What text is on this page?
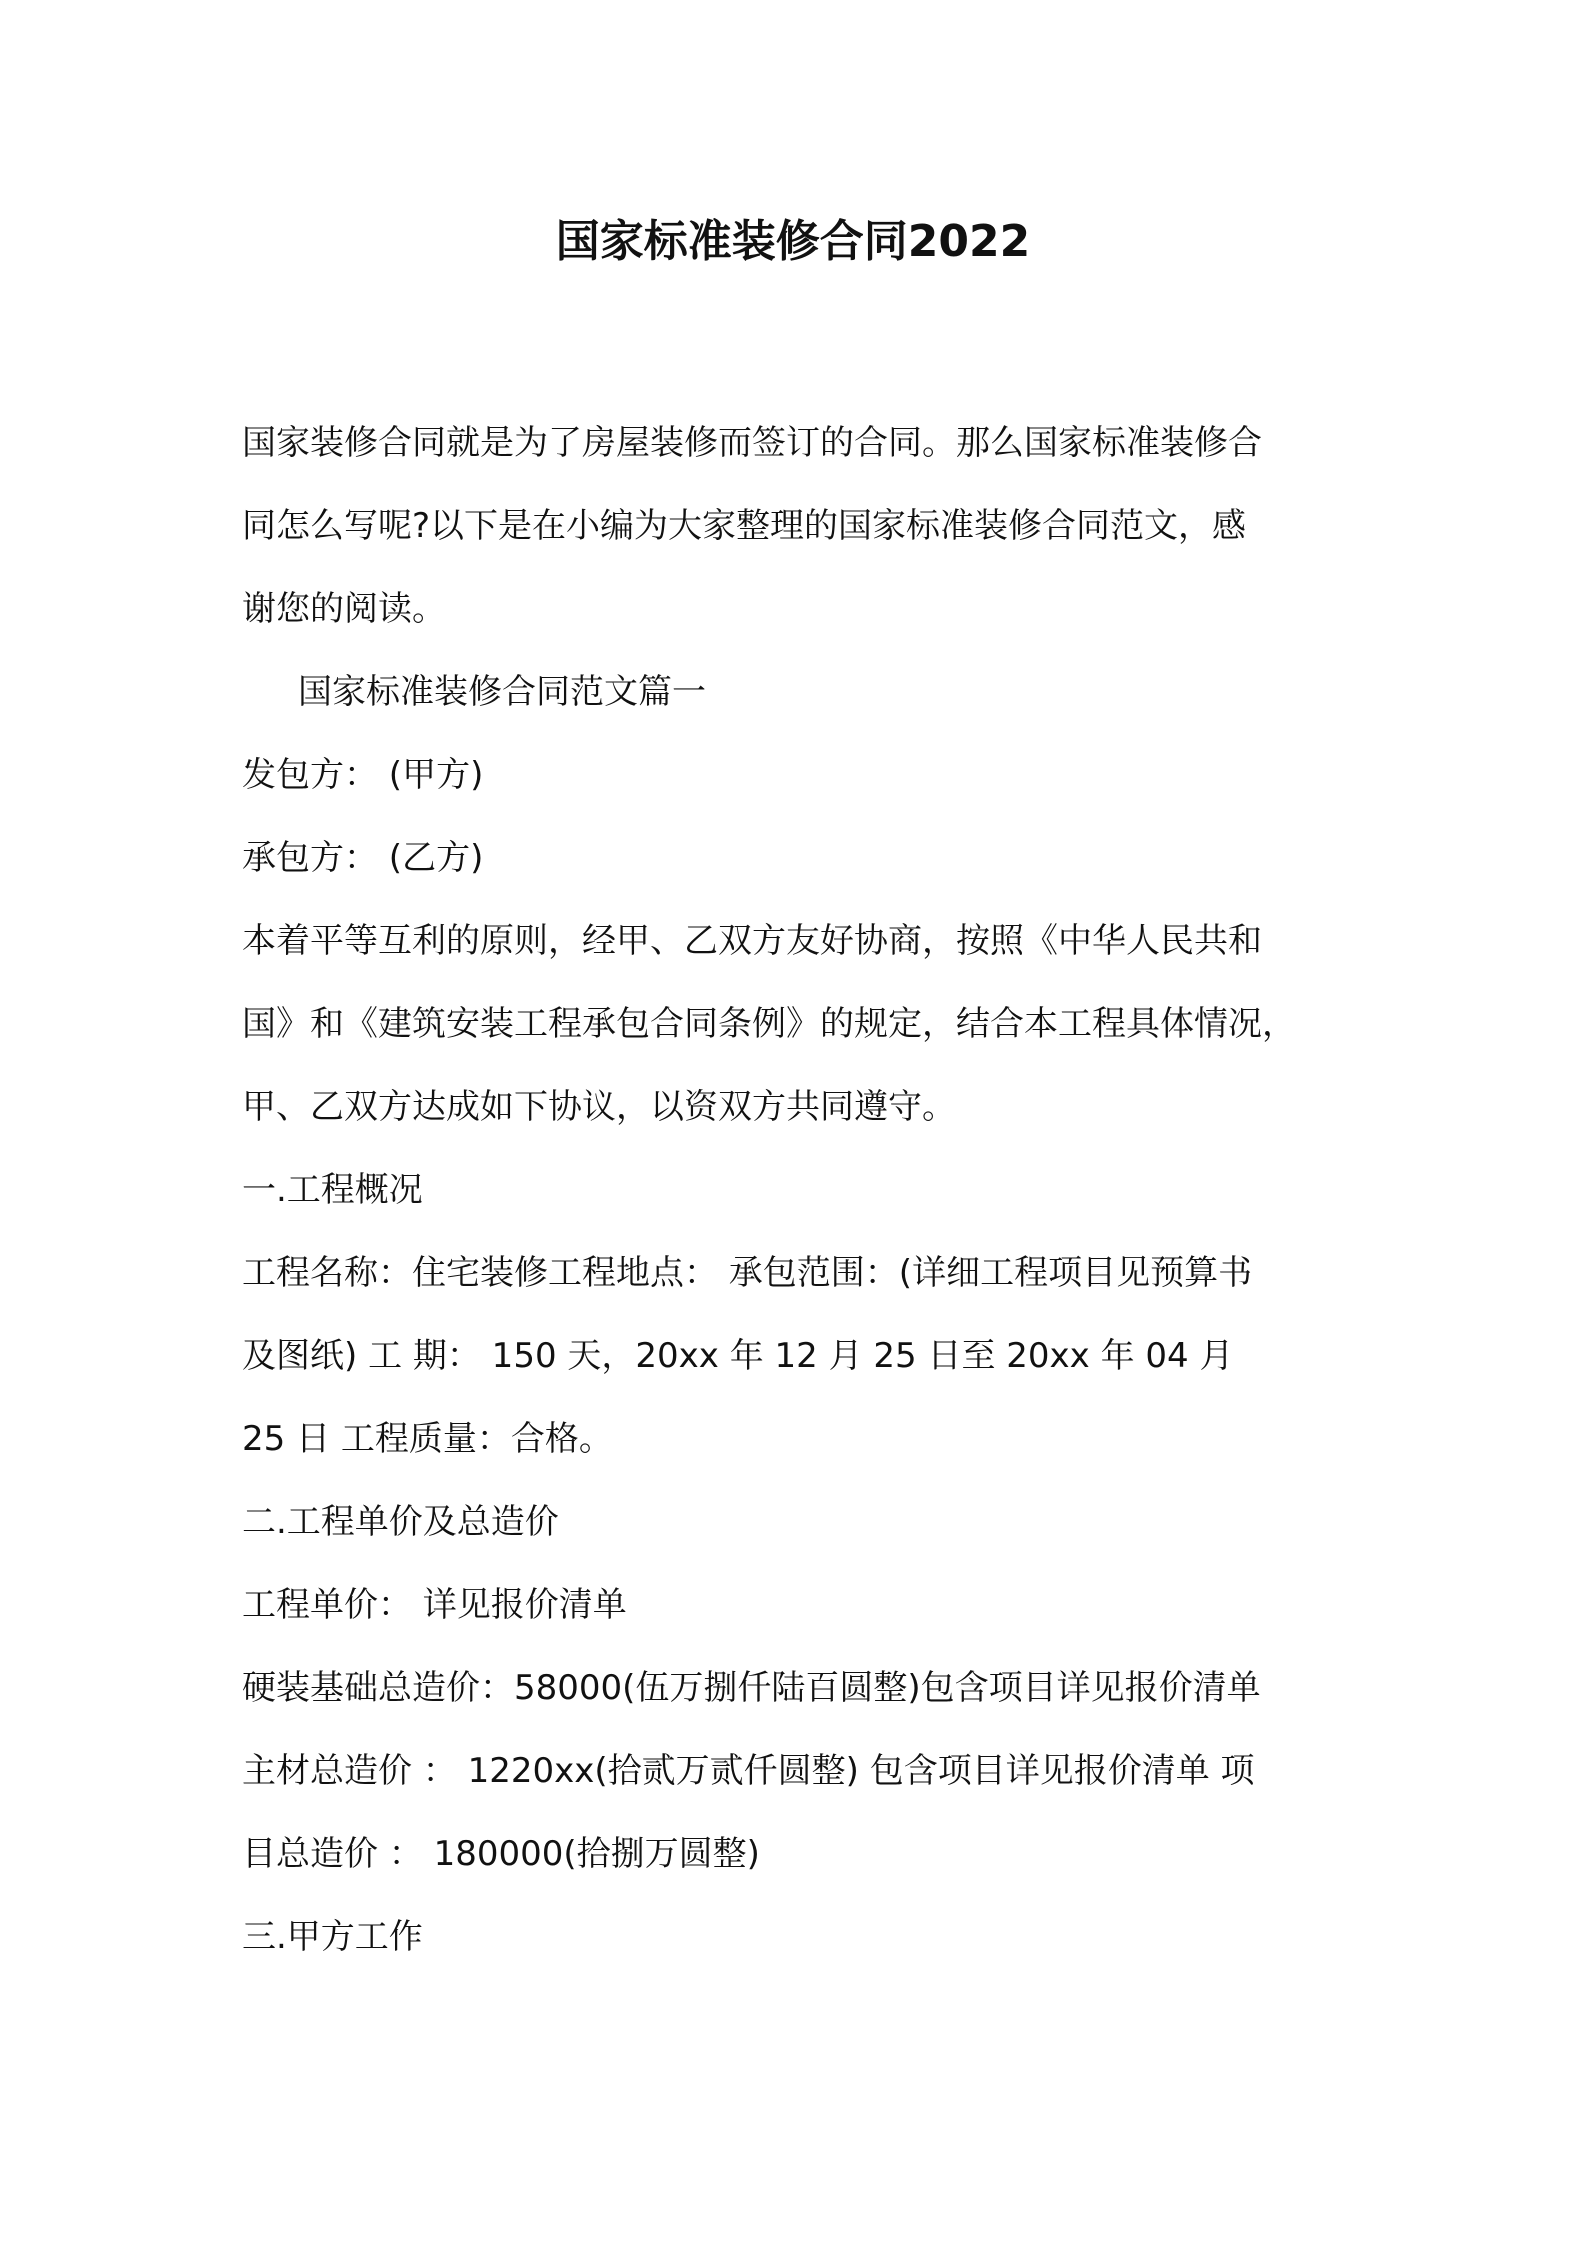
国家标准装修合同2022
国家装修合同就是为了房屋装修而签订的合同。那么国家标准装修合
同怎么写呢?以下是在小编为大家整理的国家标准装修合同范文，感
谢您的阅读。
国家标准装修合同范文篇一
发包方： (甲方)
承包方： (乙方)
本着平等互利的原则，经甲、乙双方友好协商，按照《中华人民共和
国》和《建筑安装工程承包合同条例》的规定，结合本工程具体情况，
甲、乙双方达成如下协议，以资双方共同遵守。
一.工程概况
工程名称：住宅装修工程地点： 承包范围：(详细工程项目见预算书
及图纸) 工 期： 150 天，20xx 年 12 月 25 日至 20xx 年 04 月
25 日 工程质量：合格。
二.工程单价及总造价
工程单价： 详见报价清单
硬装基础总造价：58000(伍万捌仟陆百圆整)包含项目详见报价清单
主材总造价 ： 1220xx(拾贰万贰仟圆整) 包含项目详见报价清单 项
目总造价 ： 180000(拾捌万圆整)
三.甲方工作
